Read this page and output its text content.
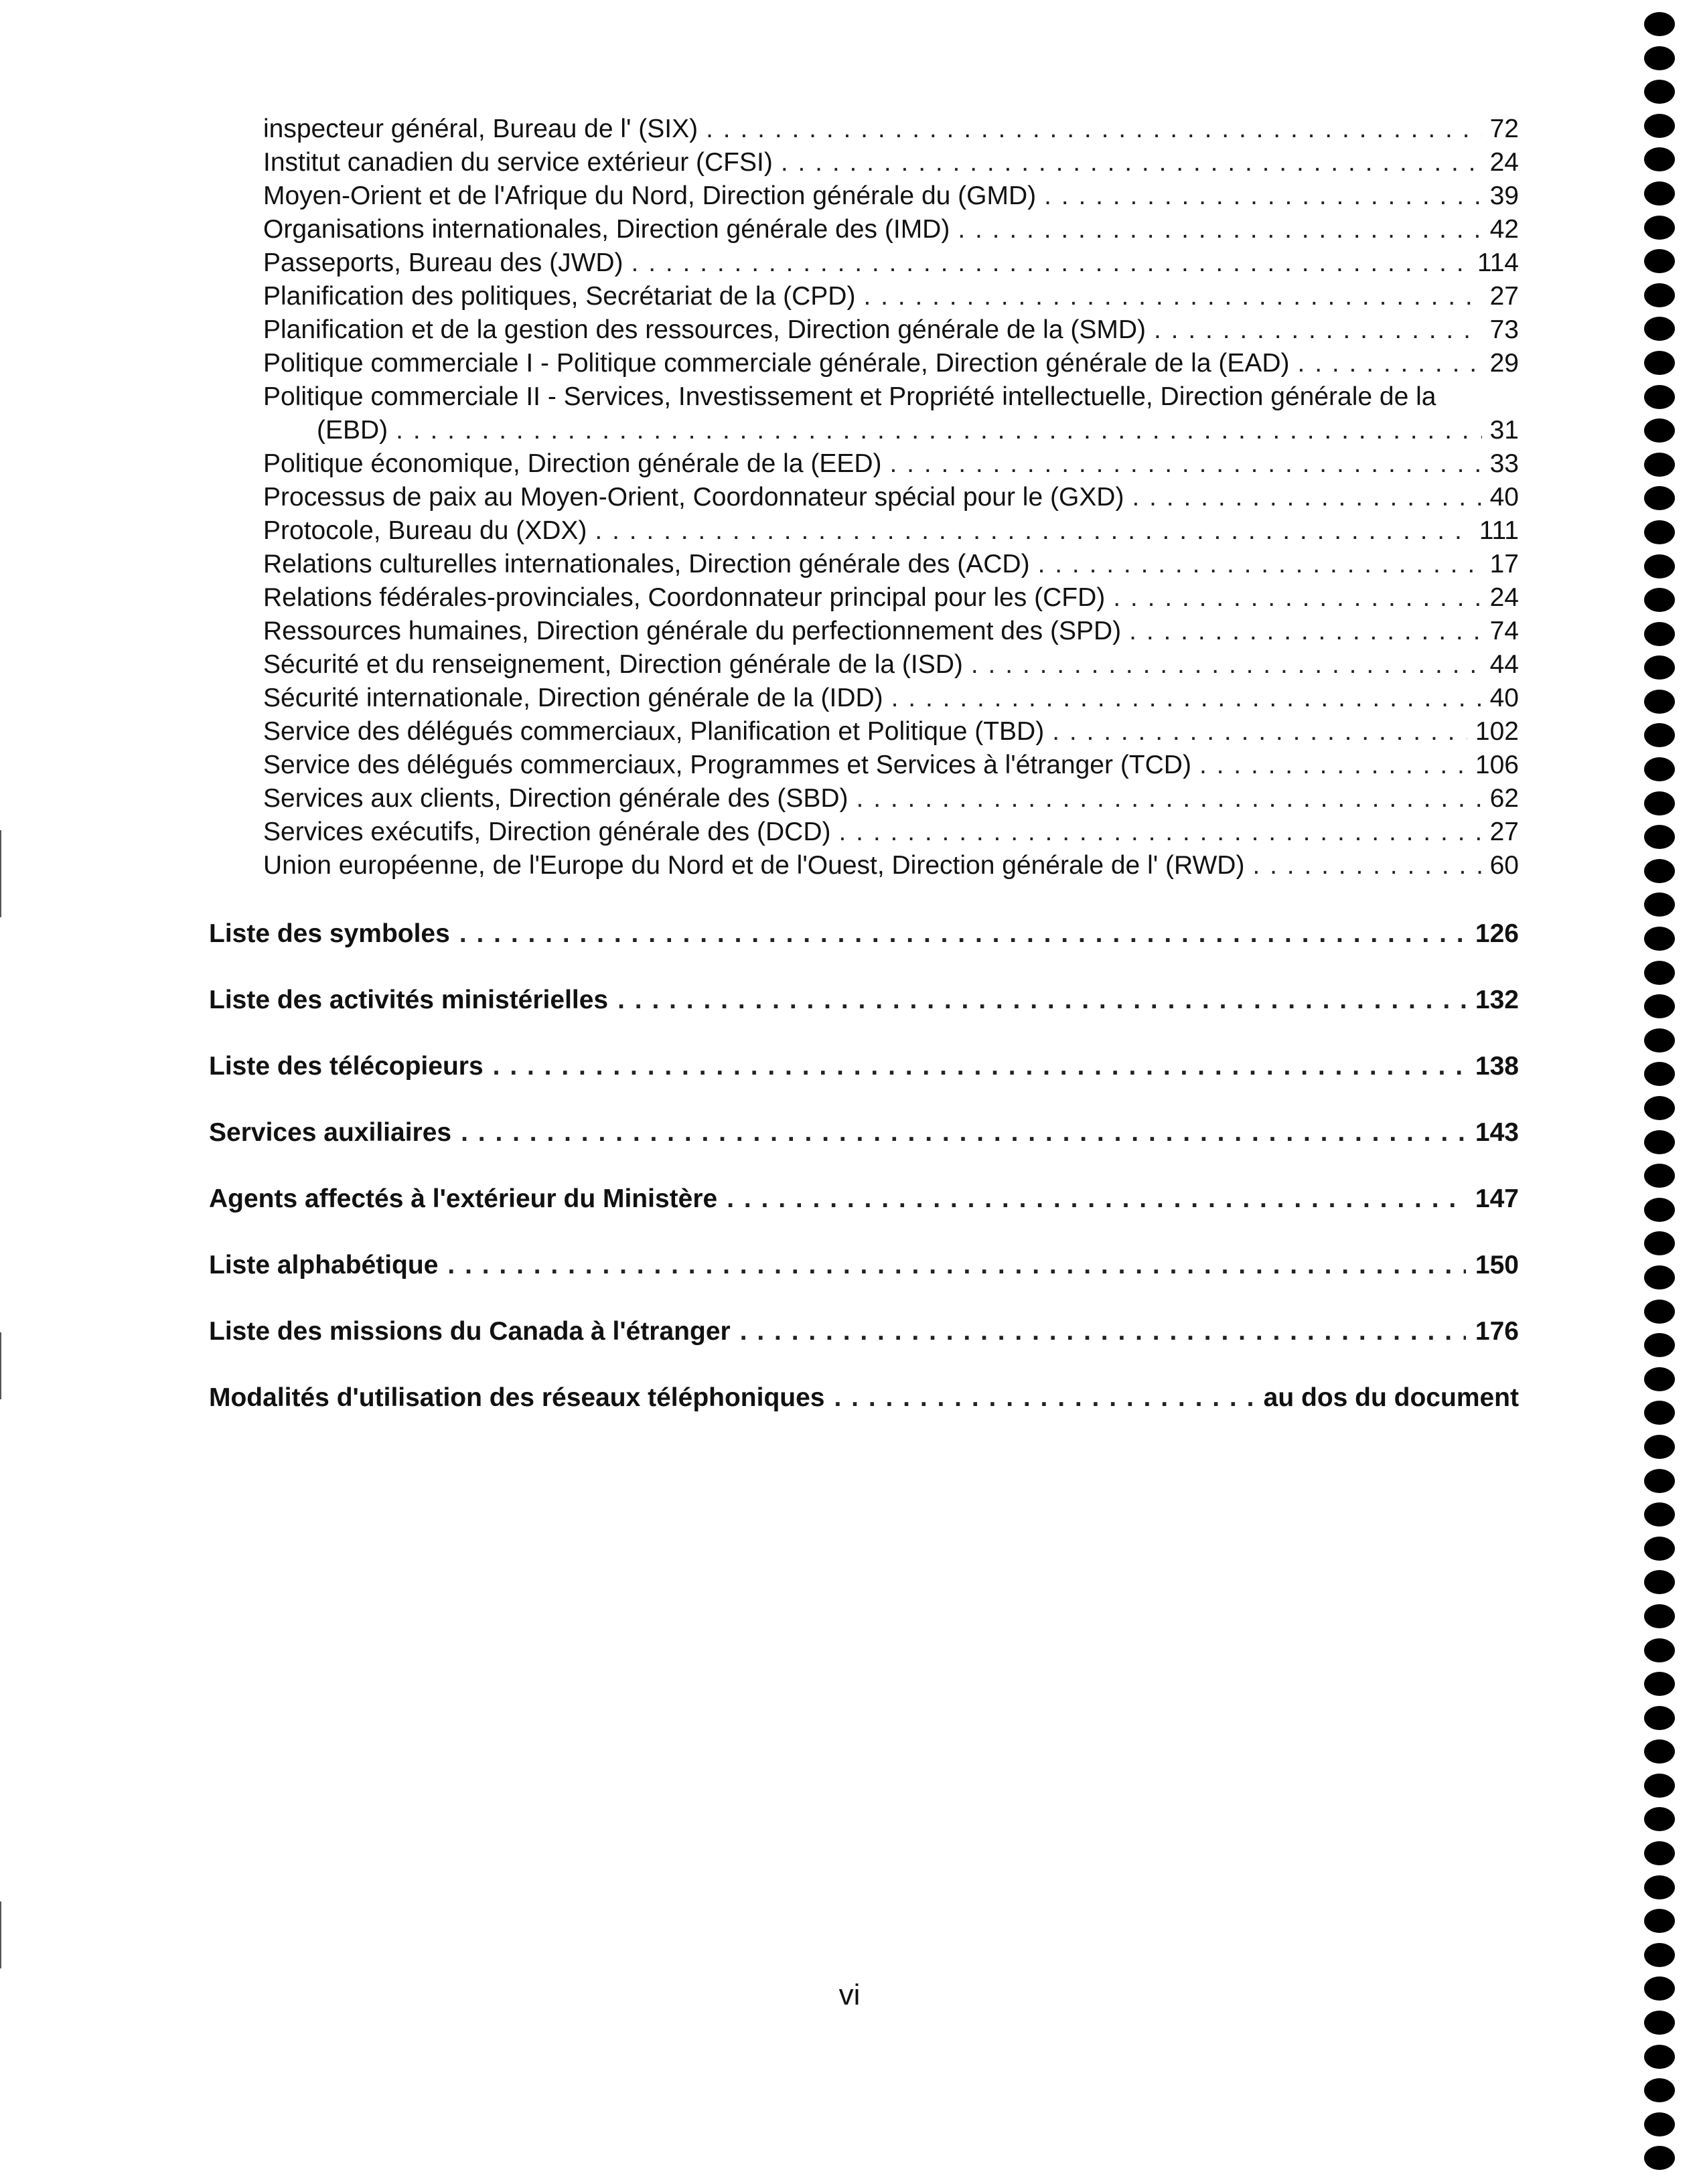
inspecteur général, Bureau de l' (SIX) . . .	72
Institut canadien du service extérieur (CFSI) . . .	24
Moyen-Orient et de l'Afrique du Nord, Direction générale du (GMD) . . .	39
Organisations internationales, Direction générale des (IMD) . . .	42
Passeports, Bureau des (JWD) . . .	114
Planification des politiques, Secrétariat de la (CPD) . . .	27
Planification et de la gestion des ressources, Direction générale de la (SMD) . . .	73
Politique commerciale I - Politique commerciale générale, Direction générale de la (EAD) . . .	29
Politique commerciale II - Services, Investissement et Propriété intellectuelle, Direction générale de la
(EBD) . . .	31
Politique économique, Direction générale de la (EED) . . .	33
Processus de paix au Moyen-Orient, Coordonnateur spécial pour le (GXD) . . .	40
Protocole, Bureau du (XDX) . . .	111
Relations culturelles internationales, Direction générale des (ACD) . . .	17
Relations fédérales-provinciales, Coordonnateur principal pour les (CFD) . . .	24
Ressources humaines, Direction générale du perfectionnement des (SPD) . . .	74
Sécurité et du renseignement, Direction générale de la (ISD) . . .	44
Sécurité internationale, Direction générale de la (IDD) . . .	40
Service des délégués commerciaux, Planification et Politique (TBD) . . .	102
Service des délégués commerciaux, Programmes et Services à l'étranger (TCD) . . .	106
Services aux clients, Direction générale des (SBD) . . .	62
Services exécutifs, Direction générale des (DCD) . . .	27
Union européenne, de l'Europe du Nord et de l'Ouest, Direction générale de l' (RWD) . . .	60
Liste des symboles . . .	126
Liste des activités ministérielles . . .	132
Liste des télécopieurs . . .	138
Services auxiliaires . . .	143
Agents affectés à l'extérieur du Ministère . . .	147
Liste alphabétique . . .	150
Liste des missions du Canada à l'étranger . . .	176
Modalités d'utilisation des réseaux téléphoniques . . .	au dos du document
vi
